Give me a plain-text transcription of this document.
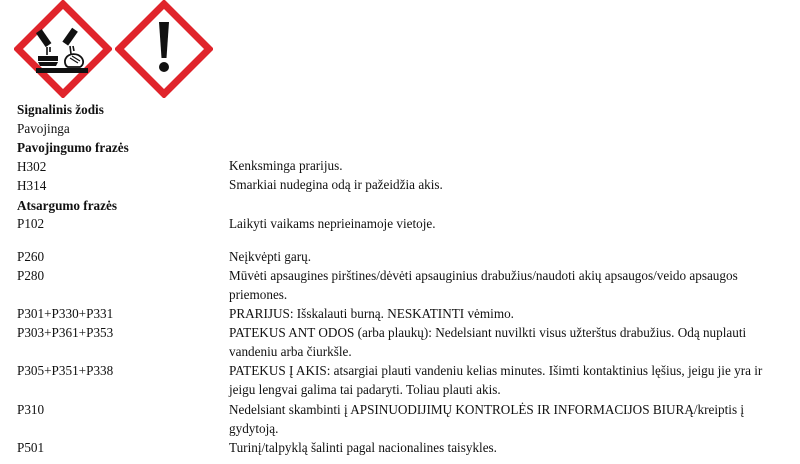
Signalinis žodis
Pavojinga
Pavojingumo frazės
H302	Kenksminga prarijus.
H314	Smarkiai nudegina odą ir pažeidžia akis.
Atsargumo frazės
P102	Laikyti vaikams neprieinamoje vietoje.
P260	Neįkvėpti garų.
P280	Mūvėti apsaugines pirštines/dėvėti apsauginius drabužius/naudoti akių apsaugos/veido apsaugos priemones.
P301+P330+P331	PRARIJUS: Išskalauti burną. NESKATINTI vėmimo.
P303+P361+P353	PATEKUS ANT ODOS (arba plaukų): Nedelsiant nuvilkti visus užterštus drabužius. Odą nuplauti vandeniu arba čiurkšle.
P305+P351+P338	PATEKUS Į AKIS: atsargiai plauti vandeniu kelias minutes. Išimti kontaktinius lęšius, jeigu jie yra ir jeigu lengvai galima tai padaryti. Toliau plauti akis.
P310	Nedelsiant skambinti į APSINUODIJIMŲ KONTROLĖS IR INFORMACIJOS BIURĄ/kreiptis į gydytoją.
P501	Turinį/talpyklą šalinti pagal nacionalines taisykles.
